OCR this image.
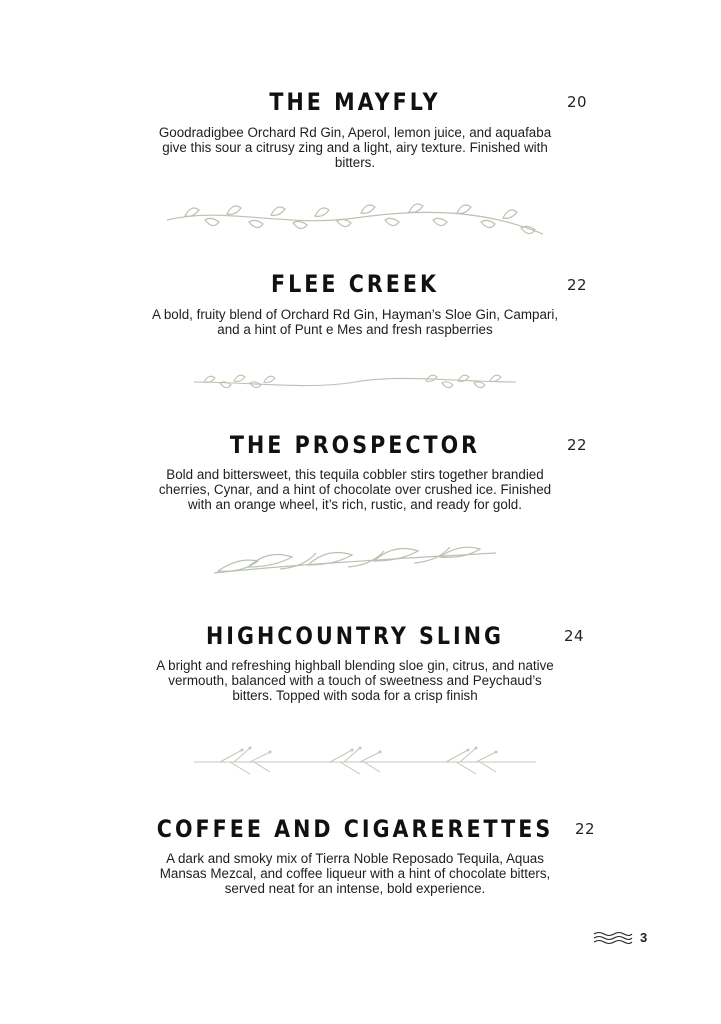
THE MAYFLY	20

Goodradigbee Orchard Rd Gin, Aperol, lemon juice, and aquafaba give this sour a citrusy zing and a light, airy texture. Finished with bitters.

FLEE CREEK	22

A bold, fruity blend of Orchard Rd Gin, Hayman’s Sloe Gin, Campari, and a hint of Punt e Mes and fresh raspberries

THE PROSPECTOR	22

Bold and bittersweet, this tequila cobbler stirs together brandied cherries, Cynar, and a hint of chocolate over crushed ice. Finished with an orange wheel, it’s rich, rustic, and ready for gold.

HIGHCOUNTRY SLING	24

A bright and refreshing highball blending sloe gin, citrus, and native vermouth, balanced with a touch of sweetness and Peychaud’s bitters. Topped with soda for a crisp finish

COFFEE AND CIGARERETTES	22

A dark and smoky mix of Tierra Noble Reposado Tequila, Aquas Mansas Mezcal, and coffee liqueur with a hint of chocolate bitters, served neat for an intense, bold experience.

3
